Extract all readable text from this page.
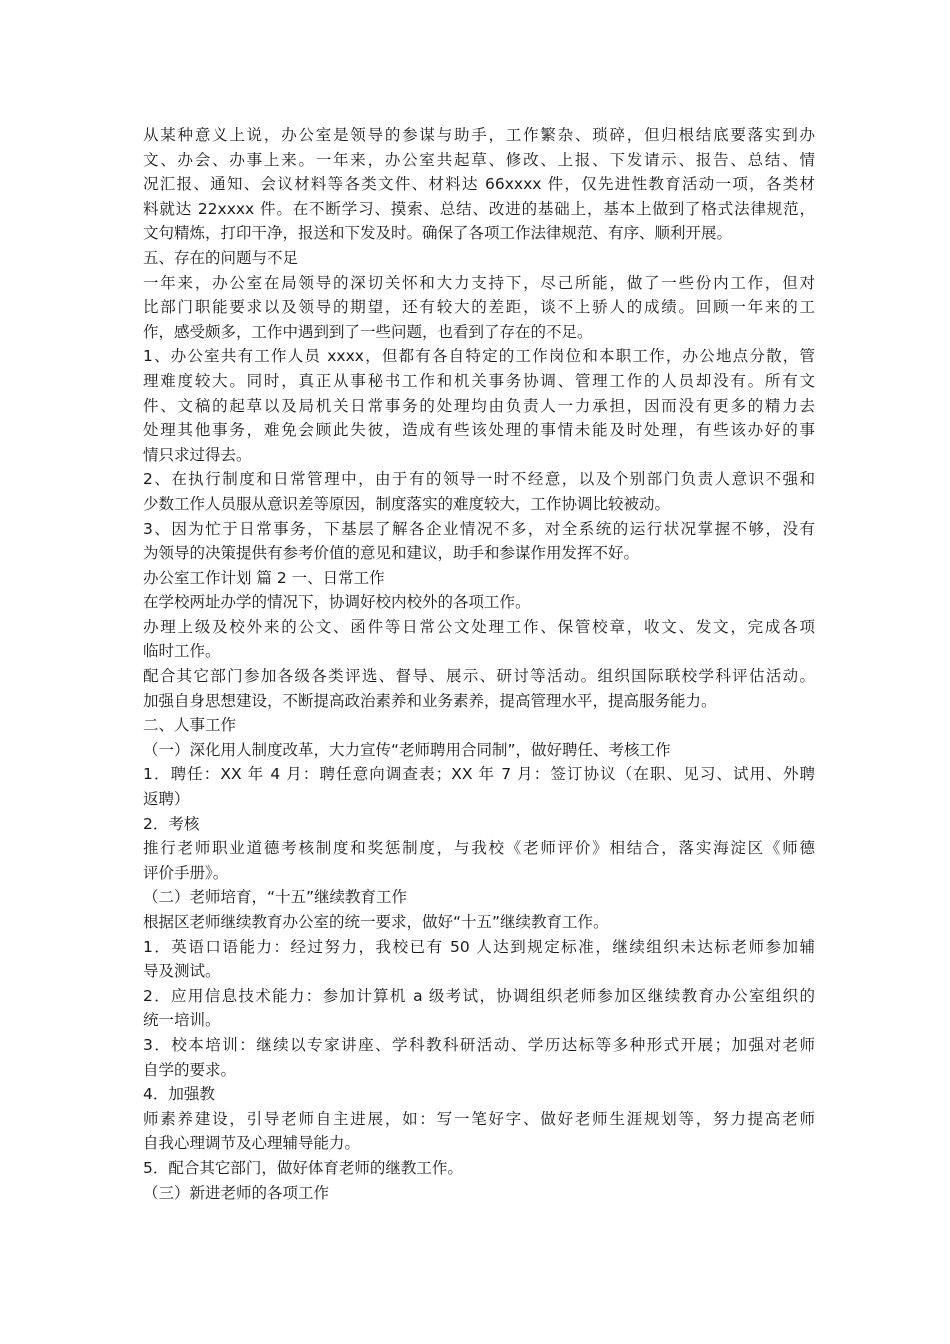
从某种意义上说，办公室是领导的参谋与助手，工作繁杂、琐碎，但归根结底要落实到办
文、办会、办事上来。一年来，办公室共起草、修改、上报、下发请示、报告、总结、情
况汇报、通知、会议材料等各类文件、材料达 66xxxx 件，仅先进性教育活动一项，各类材
料就达 22xxxx 件。在不断学习、摸索、总结、改进的基础上，基本上做到了格式法律规范，
文句精炼，打印干净，报送和下发及时。确保了各项工作法律规范、有序、顺利开展。
五、存在的问题与不足
一年来，办公室在局领导的深切关怀和大力支持下，尽己所能，做了一些份内工作，但对
比部门职能要求以及领导的期望，还有较大的差距，谈不上骄人的成绩。回顾一年来的工
作，感受颇多，工作中遇到到了一些问题，也看到了存在的不足。
1、办公室共有工作人员 xxxx，但都有各自特定的工作岗位和本职工作，办公地点分散，管
理难度较大。同时，真正从事秘书工作和机关事务协调、管理工作的人员却没有。所有文
件、文稿的起草以及局机关日常事务的处理均由负责人一力承担，因而没有更多的精力去
处理其他事务，难免会顾此失彼，造成有些该处理的事情未能及时处理，有些该办好的事
情只求过得去。
2、在执行制度和日常管理中，由于有的领导一时不经意，以及个别部门负责人意识不强和
少数工作人员服从意识差等原因，制度落实的难度较大，工作协调比较被动。
3、因为忙于日常事务，下基层了解各企业情况不多，对全系统的运行状况掌握不够，没有
为领导的决策提供有参考价值的意见和建议，助手和参谋作用发挥不好。
办公室工作计划 篇 2 一、日常工作
在学校两址办学的情况下，协调好校内校外的各项工作。
办理上级及校外来的公文、函件等日常公文处理工作、保管校章，收文、发文，完成各项
临时工作。
配合其它部门参加各级各类评选、督导、展示、研讨等活动。组织国际联校学科评估活动。
加强自身思想建设，不断提高政治素养和业务素养，提高管理水平，提高服务能力。
二、人事工作
（一）深化用人制度改革，大力宣传“老师聘用合同制”，做好聘任、考核工作
1．聘任：XX 年 4 月：聘任意向调查表；XX 年 7 月：签订协议（在职、见习、试用、外聘
返聘）
2．考核
推行老师职业道德考核制度和奖惩制度，与我校《老师评价》相结合，落实海淀区《师德
评价手册》。
（二）老师培育，“十五”继续教育工作
根据区老师继续教育办公室的统一要求，做好“十五”继续教育工作。
1．英语口语能力：经过努力，我校已有 50 人达到规定标准，继续组织未达标老师参加辅
导及测试。
2．应用信息技术能力：参加计算机 a 级考试，协调组织老师参加区继续教育办公室组织的
统一培训。
3．校本培训：继续以专家讲座、学科教科研活动、学历达标等多种形式开展；加强对老师
自学的要求。
4．加强教
师素养建设，引导老师自主进展，如：写一笔好字、做好老师生涯规划等，努力提高老师
自我心理调节及心理辅导能力。
5．配合其它部门，做好体育老师的继教工作。
（三）新进老师的各项工作
